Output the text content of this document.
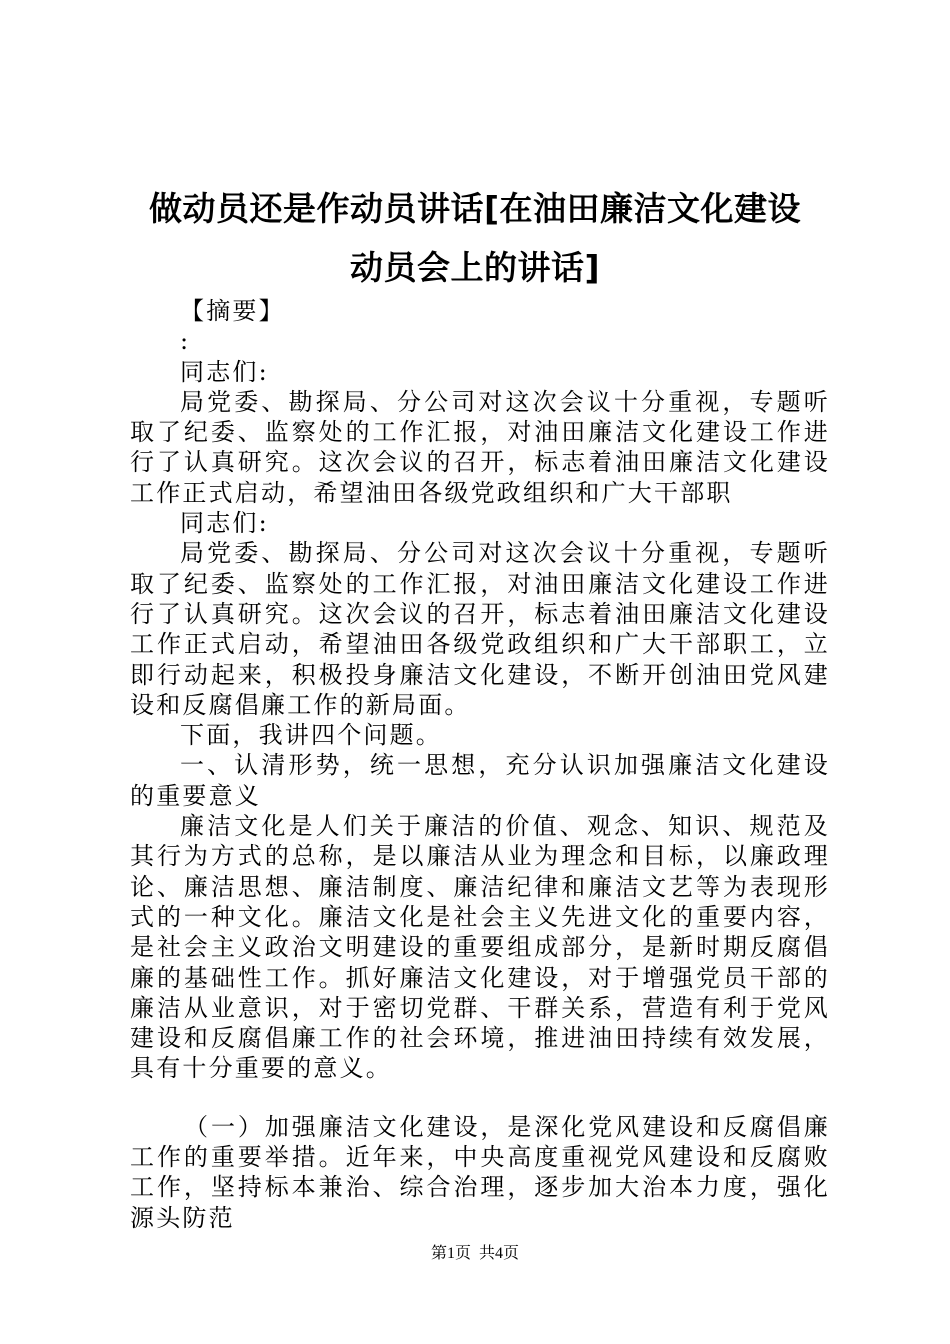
做动员还是作动员讲话[在油田廉洁文化建设
动员会上的讲话]

【摘要】

:

同志们:

局党委、勘探局、分公司对这次会议十分重视，专题听取了纪委、监察处的工作汇报，对油田廉洁文化建设工作进行了认真研究。这次会议的召开，标志着油田廉洁文化建设工作正式启动，希望油田各级党政组织和广大干部职

同志们:

局党委、勘探局、分公司对这次会议十分重视，专题听取了纪委、监察处的工作汇报，对油田廉洁文化建设工作进行了认真研究。这次会议的召开，标志着油田廉洁文化建设工作正式启动，希望油田各级党政组织和广大干部职工，立即行动起来，积极投身廉洁文化建设，不断开创油田党风建设和反腐倡廉工作的新局面。

下面，我讲四个问题。

一、认清形势，统一思想，充分认识加强廉洁文化建设的重要意义

廉洁文化是人们关于廉洁的价值、观念、知识、规范及其行为方式的总称，是以廉洁从业为理念和目标，以廉政理论、廉洁思想、廉洁制度、廉洁纪律和廉洁文艺等为表现形式的一种文化。廉洁文化是社会主义先进文化的重要内容，是社会主义政治文明建设的重要组成部分，是新时期反腐倡廉的基础性工作。抓好廉洁文化建设，对于增强党员干部的廉洁从业意识，对于密切党群、干群关系，营造有利于党风建设和反腐倡廉工作的社会环境，推进油田持续有效发展，具有十分重要的意义。

（一）加强廉洁文化建设，是深化党风建设和反腐倡廉工作的重要举措。近年来，中央高度重视党风建设和反腐败工作，坚持标本兼治、综合治理，逐步加大治本力度，强化源头防范

第1页 共4页
